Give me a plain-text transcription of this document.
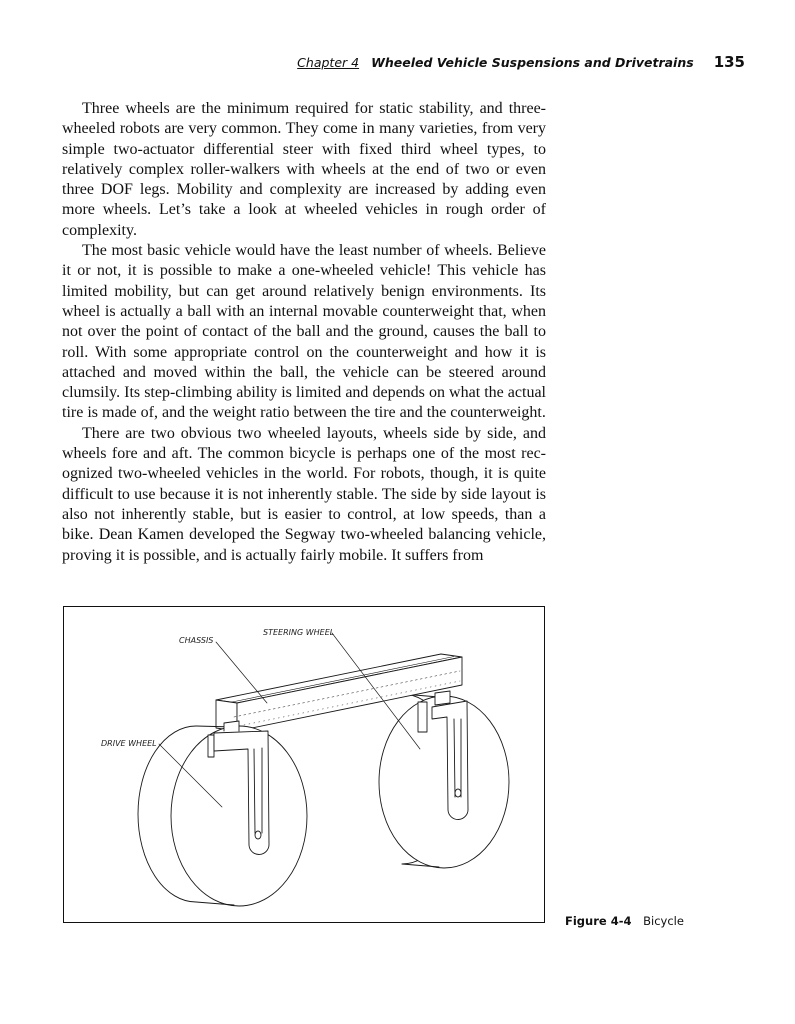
Chapter 4 Wheeled Vehicle Suspensions and Drivetrains 135

Three wheels are the minimum required for static stability, and three-wheeled robots are very common. They come in many varieties, from very simple two-actuator differential steer with fixed third wheel types, to relatively complex roller-walkers with wheels at the end of two or even three DOF legs. Mobility and complexity are increased by adding even more wheels. Let’s take a look at wheeled vehicles in rough order of complexity.

The most basic vehicle would have the least number of wheels. Believe it or not, it is possible to make a one-wheeled vehicle! This vehicle has limited mobility, but can get around relatively benign environments. Its wheel is actually a ball with an internal movable counterweight that, when not over the point of contact of the ball and the ground, causes the ball to roll. With some appropriate control on the counterweight and how it is attached and moved within the ball, the vehicle can be steered around clumsily. Its step-climbing ability is limited and depends on what the actual tire is made of, and the weight ratio between the tire and the counterweight.

There are two obvious two wheeled layouts, wheels side by side, and wheels fore and aft. The common bicycle is perhaps one of the most recognized two-wheeled vehicles in the world. For robots, though, it is quite difficult to use because it is not inherently stable. The side by side layout is also not inherently stable, but is easier to control, at low speeds, than a bike. Dean Kamen developed the Segway two-wheeled balancing vehicle, proving it is possible, and is actually fairly mobile. It suffers from

CHASSIS
STEERING WHEEL
DRIVE WHEEL
Figure 4-4 Bicycle
